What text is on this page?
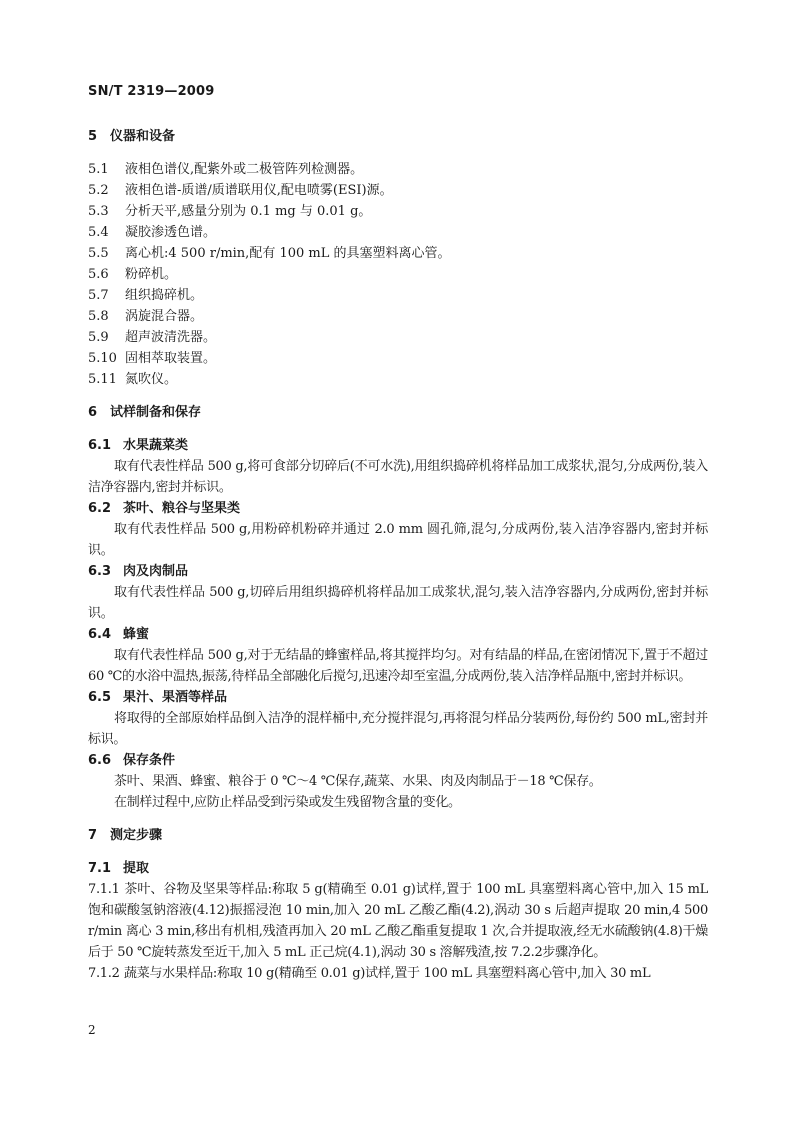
SN/T 2319—2009
5 仪器和设备
5.1 液相色谱仪,配紫外或二极管阵列检测器。
5.2 液相色谱-质谱/质谱联用仪,配电喷雾(ESI)源。
5.3 分析天平,感量分别为 0.1 mg 与 0.01 g。
5.4 凝胶渗透色谱。
5.5 离心机:4 500 r/min,配有 100 mL 的具塞塑料离心管。
5.6 粉碎机。
5.7 组织捣碎机。
5.8 涡旋混合器。
5.9 超声波清洗器。
5.10 固相萃取装置。
5.11 氮吹仪。
6 试样制备和保存
6.1 水果蔬菜类
取有代表性样品 500 g,将可食部分切碎后(不可水洗),用组织捣碎机将样品加工成浆状,混匀,分成两份,装入洁净容器内,密封并标识。
6.2 茶叶、粮谷与坚果类
取有代表性样品 500 g,用粉碎机粉碎并通过 2.0 mm 圆孔筛,混匀,分成两份,装入洁净容器内,密封并标识。
6.3 肉及肉制品
取有代表性样品 500 g,切碎后用组织捣碎机将样品加工成浆状,混匀,装入洁净容器内,分成两份,密封并标识。
6.4 蜂蜜
取有代表性样品 500 g,对于无结晶的蜂蜜样品,将其搅拌均匀。对有结晶的样品,在密闭情况下,置于不超过 60 ℃的水浴中温热,振荡,待样品全部融化后搅匀,迅速冷却至室温,分成两份,装入洁净样品瓶中,密封并标识。
6.5 果汁、果酒等样品
将取得的全部原始样品倒入洁净的混样桶中,充分搅拌混匀,再将混匀样品分装两份,每份约 500 mL,密封并标识。
6.6 保存条件
茶叶、果酒、蜂蜜、粮谷于 0 ℃～4 ℃保存,蔬菜、水果、肉及肉制品于－18 ℃保存。
在制样过程中,应防止样品受到污染或发生残留物含量的变化。
7 测定步骤
7.1 提取
7.1.1 茶叶、谷物及坚果等样品:称取 5 g(精确至 0.01 g)试样,置于 100 mL 具塞塑料离心管中,加入 15 mL 饱和碳酸氢钠溶液(4.12)振摇浸泡 10 min,加入 20 mL 乙酸乙酯(4.2),涡动 30 s 后超声提取 20 min,4 500 r/min 离心 3 min,移出有机相,残渣再加入 20 mL 乙酸乙酯重复提取 1 次,合并提取液,经无水硫酸钠(4.8)干燥后于 50 ℃旋转蒸发至近干,加入 5 mL 正己烷(4.1),涡动 30 s 溶解残渣,按 7.2.2步骤净化。
7.1.2 蔬菜与水果样品:称取 10 g(精确至 0.01 g)试样,置于 100 mL 具塞塑料离心管中,加入 30 mL
2
